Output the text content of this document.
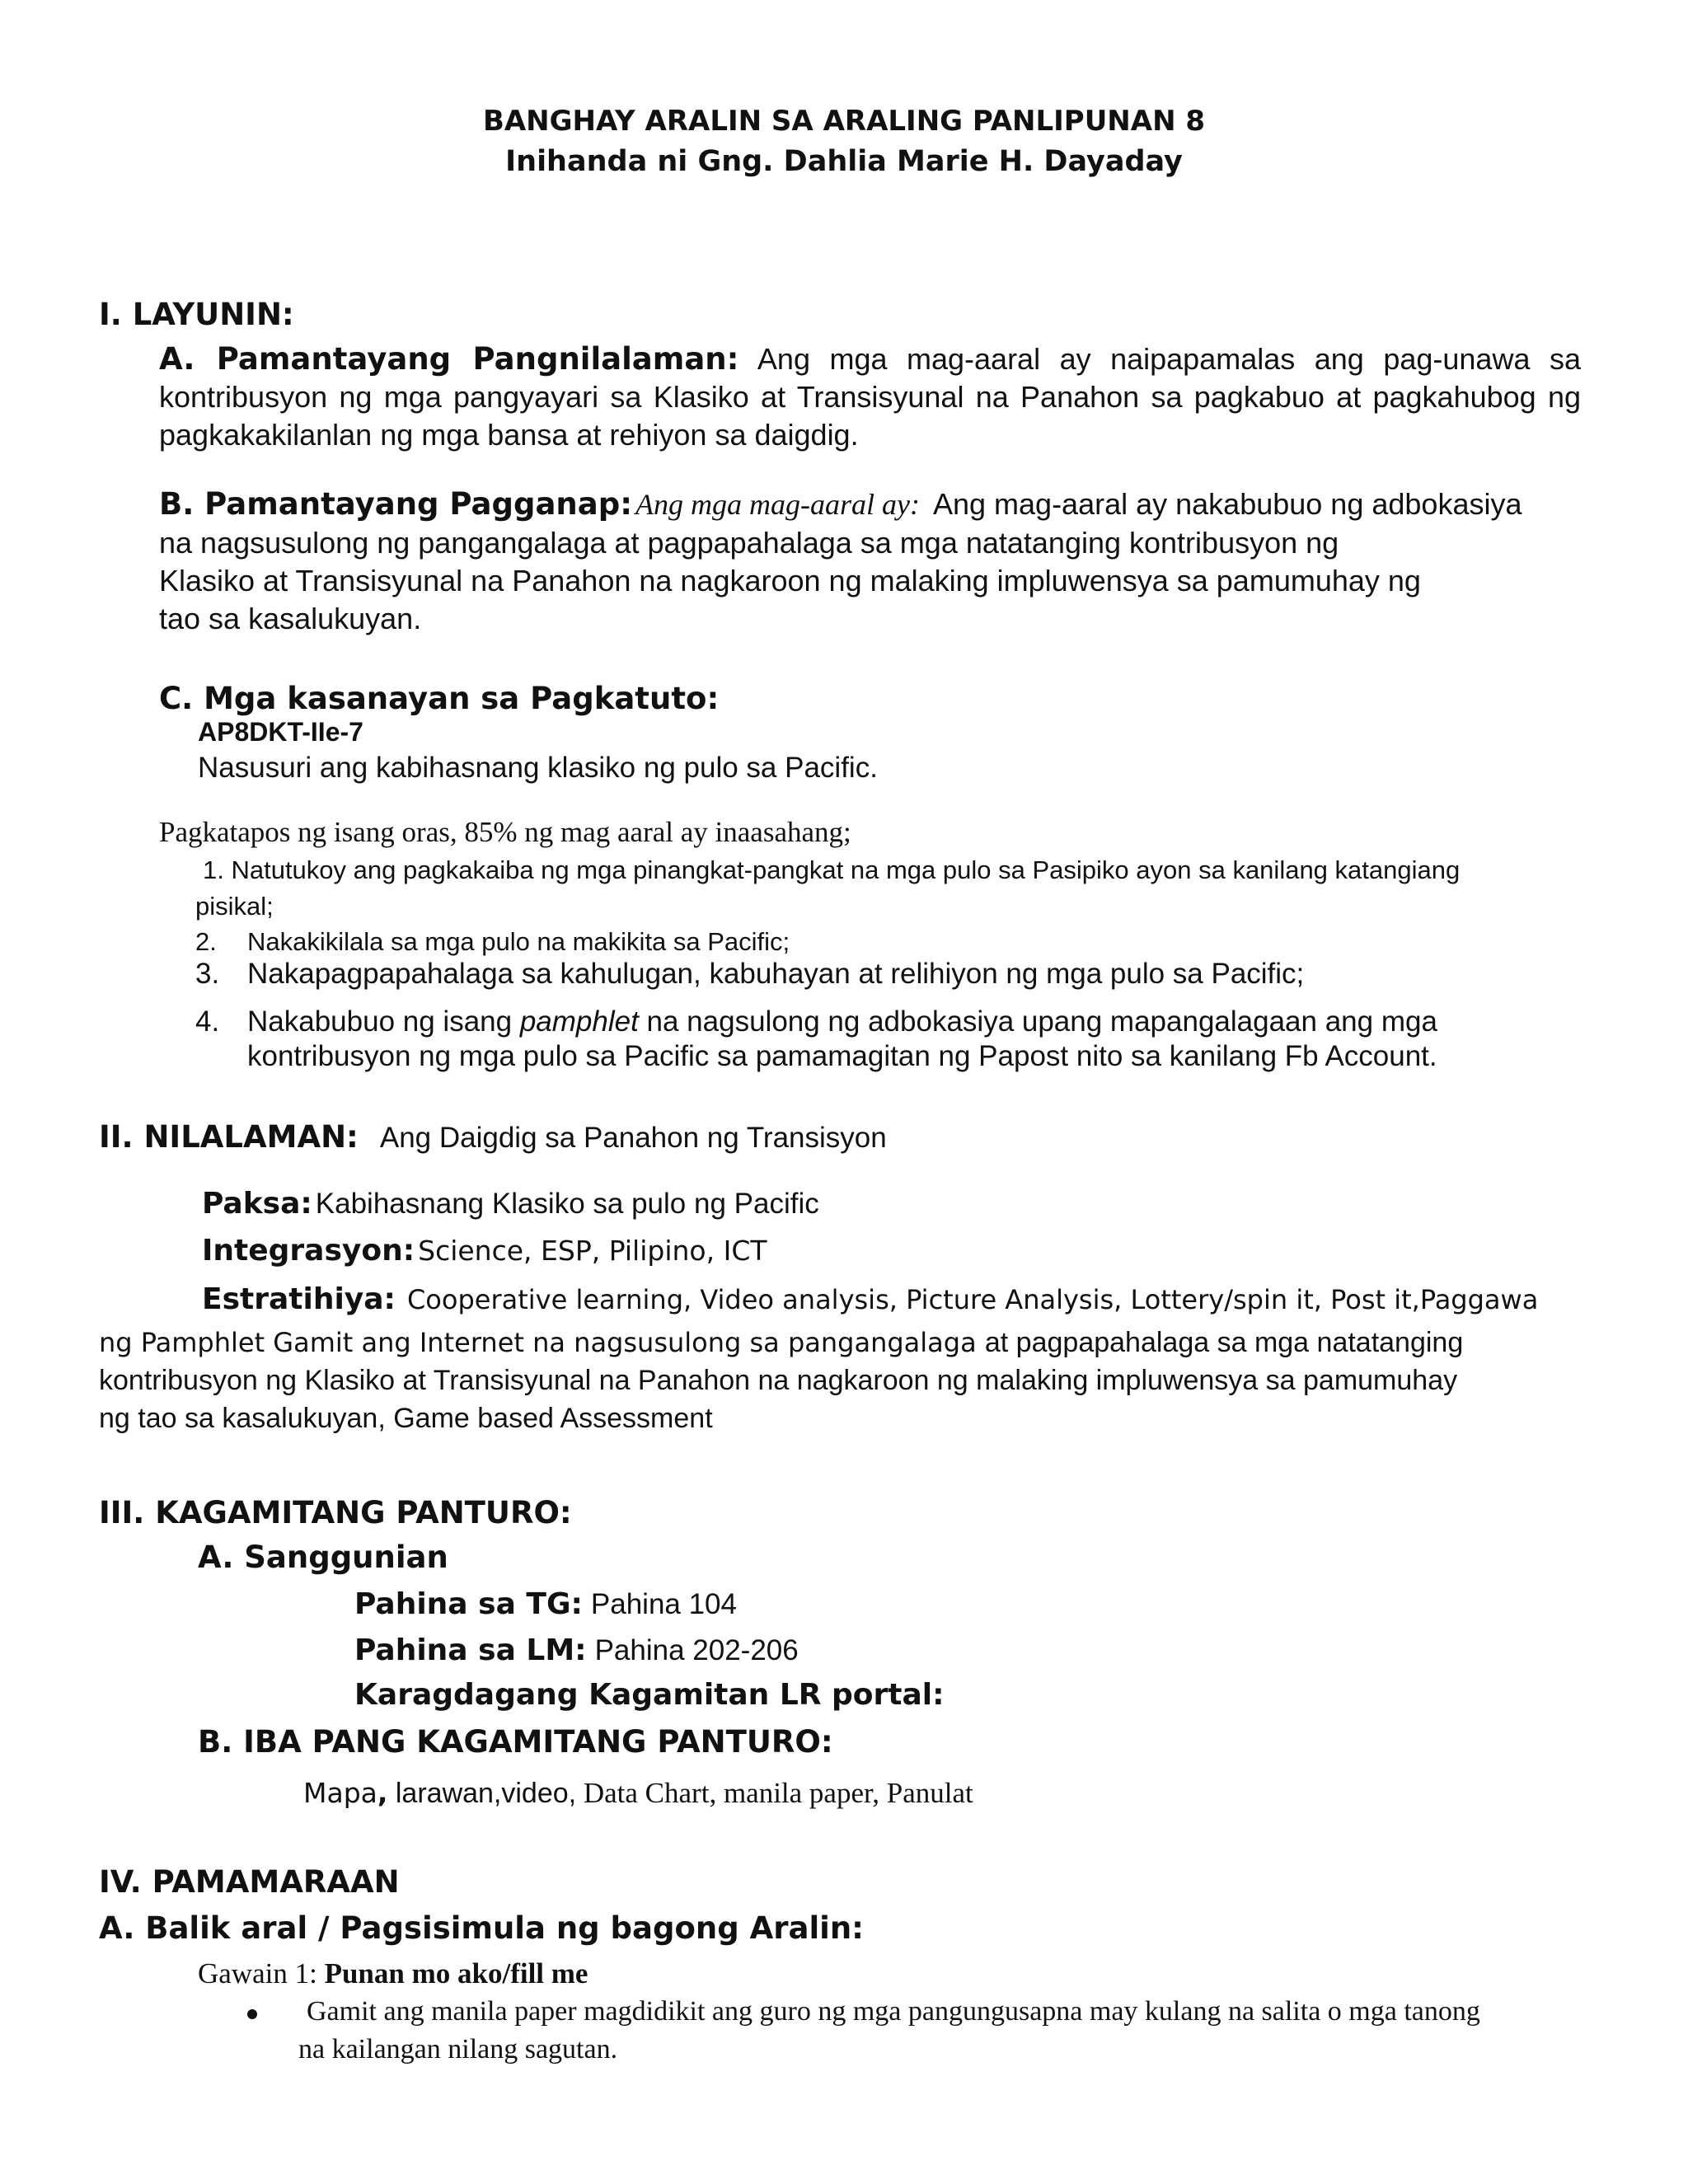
BANGHAY ARALIN SA ARALING PANLIPUNAN 8
Inihanda ni Gng. Dahlia Marie H. Dayaday
I. LAYUNIN:
A. Pamantayang Pangnilalaman: Ang mga mag-aaral ay naipapamalas ang pag-unawa sa kontribusyon ng mga pangyayari sa Klasiko at Transisyunal na Panahon sa pagkabuo at pagkahubog ng pagkakakilanlan ng mga bansa at rehiyon sa daigdig.
B. Pamantayang Pagganap: Ang mga mag-aaral ay: Ang mag-aaral ay nakabubuo ng adbokasiya
na nagsusulong ng pangangalaga at pagpapahalaga sa mga natatanging kontribusyon ng
Klasiko at Transisyunal na Panahon na nagkaroon ng malaking impluwensya sa pamumuhay ng
tao sa kasalukuyan.
C. Mga kasanayan sa Pagkatuto:
AP8DKT-IIe-7
Nasusuri ang kabihasnang klasiko ng pulo sa Pacific.
Pagkatapos ng isang oras, 85% ng mag aaral ay inaasahang;
1. Natutukoy ang pagkakaiba ng mga pinangkat-pangkat na mga pulo sa Pasipiko ayon sa kanilang katangiang
pisikal;
2. Nakakikilala sa mga pulo na makikita sa Pacific;
3. Nakapagpapahalaga sa kahulugan, kabuhayan at relihiyon ng mga pulo sa Pacific;
4. Nakabubuo ng isang pamphlet na nagsulong ng adbokasiya upang mapangalagaan ang mga
kontribusyon ng mga pulo sa Pacific sa pamamagitan ng Papost nito sa kanilang Fb Account.
II. NILALAMAN: Ang Daigdig sa Panahon ng Transisyon
Paksa: Kabihasnang Klasiko sa pulo ng Pacific
Integrasyon: Science, ESP, Pilipino, ICT
Estratihiya: Cooperative learning, Video analysis, Picture Analysis, Lottery/spin it, Post it,Paggawa
ng Pamphlet Gamit ang Internet na nagsusulong sa pangangalaga at pagpapahalaga sa mga natatanging
kontribusyon ng Klasiko at Transisyunal na Panahon na nagkaroon ng malaking impluwensya sa pamumuhay
ng tao sa kasalukuyan, Game based Assessment
III. KAGAMITANG PANTURO:
A. Sanggunian
Pahina sa TG: Pahina 104
Pahina sa LM: Pahina 202-206
Karagdagang Kagamitan LR portal:
B. IBA PANG KAGAMITANG PANTURO:
Mapa, larawan,video, Data Chart, manila paper, Panulat
IV. PAMAMARAAN
A. Balik aral / Pagsisimula ng bagong Aralin:
Gawain 1: Punan mo ako/fill me
Gamit ang manila paper magdidikit ang guro ng mga pangungusapna may kulang na salita o mga tanong
na kailangan nilang sagutan.
